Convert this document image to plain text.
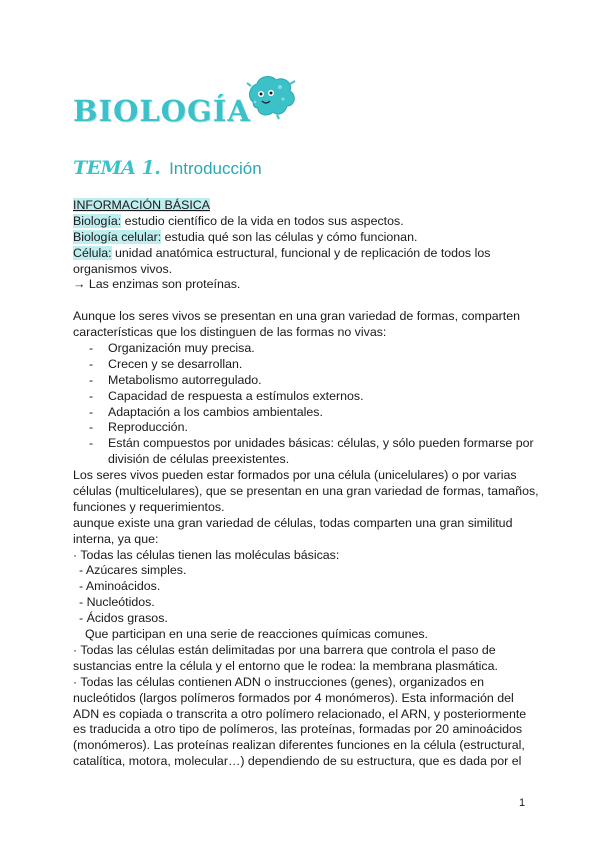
BIOLOGÍA
TEMA 1. Introducción
INFORMACIÓN BÁSICA
Biología: estudio científico de la vida en todos sus aspectos.
Biología celular: estudia qué son las células y cómo funcionan.
Célula: unidad anatómica estructural, funcional y de replicación de todos los
organismos vivos.
→ Las enzimas son proteínas.
Aunque los seres vivos se presentan en una gran variedad de formas, comparten
características que los distinguen de las formas no vivas:
- Organización muy precisa.
- Crecen y se desarrollan.
- Metabolismo autorregulado.
- Capacidad de respuesta a estímulos externos.
- Adaptación a los cambios ambientales.
- Reproducción.
- Están compuestos por unidades básicas: células, y sólo pueden formarse por
división de células preexistentes.
Los seres vivos pueden estar formados por una célula (unicelulares) o por varias
células (multicelulares), que se presentan en una gran variedad de formas, tamaños,
funciones y requerimientos.
aunque existe una gran variedad de células, todas comparten una gran similitud
interna, ya que:
· Todas las células tienen las moléculas básicas:
- Azúcares simples.
- Aminoácidos.
- Nucleótidos.
- Ácidos grasos.
Que participan en una serie de reacciones químicas comunes.
· Todas las células están delimitadas por una barrera que controla el paso de
sustancias entre la célula y el entorno que le rodea: la membrana plasmática.
· Todas las células contienen ADN o instrucciones (genes), organizados en
nucleótidos (largos polímeros formados por 4 monómeros). Esta información del
ADN es copiada o transcrita a otro polímero relacionado, el ARN, y posteriormente
es traducida a otro tipo de polímeros, las proteínas, formadas por 20 aminoácidos
(monómeros). Las proteínas realizan diferentes funciones en la célula (estructural,
catalítica, motora, molecular…) dependiendo de su estructura, que es dada por el
1
